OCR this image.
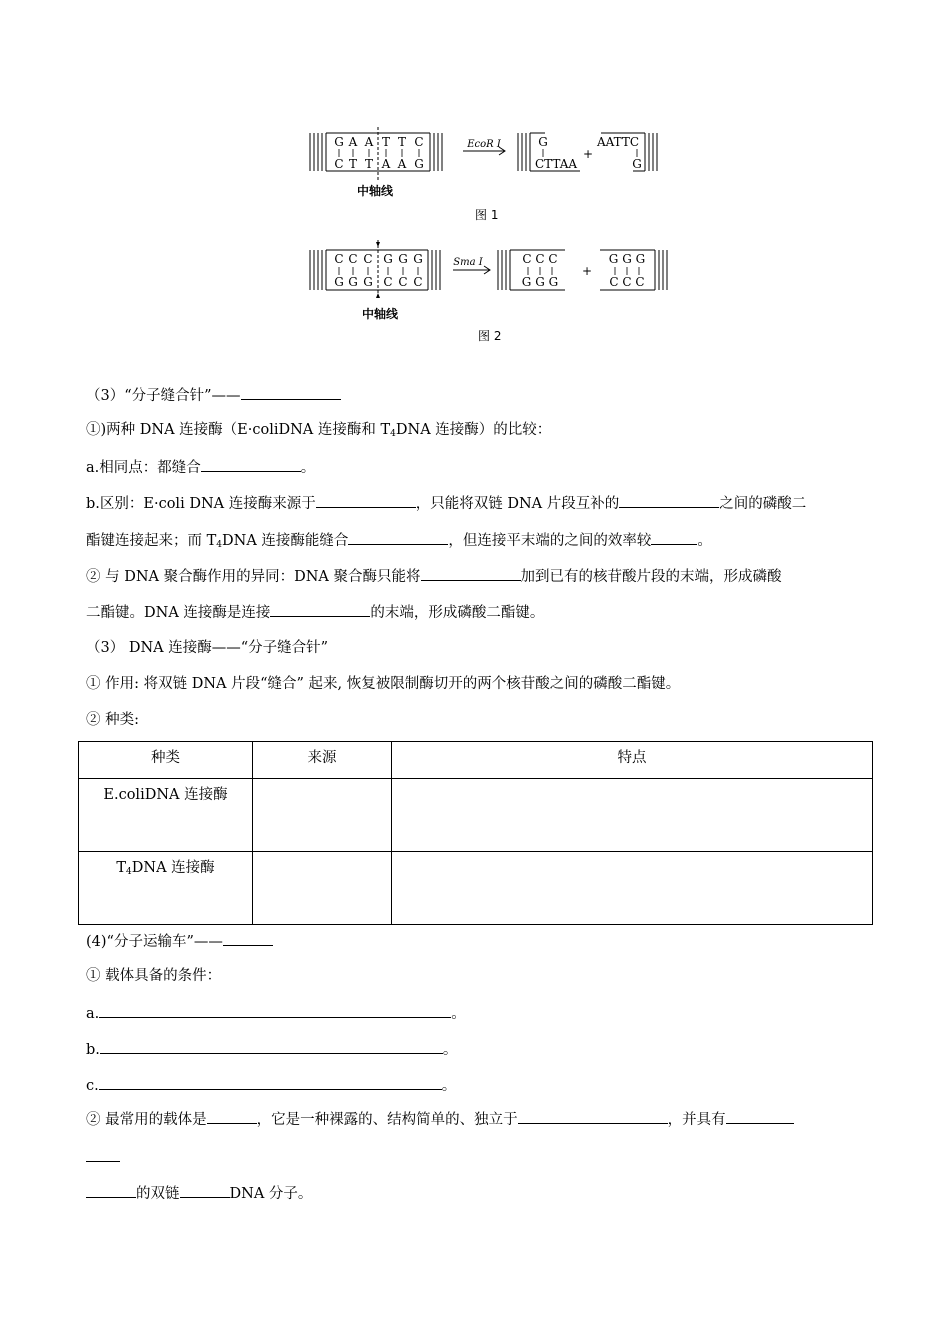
G A A T T C
C T T A A G
EcoR Ⅰ	G
CTTAA
+
AATTC
G
中轴线
图 1
C C C G G G
G G G C C C
Sma Ⅰ	C C C
G G G
+
G G G
C C C
中轴线
图 2
（3）“分子缝合针”——
①)两种 DNA 连接酶（E·coliDNA 连接酶和 $T_4DNA$ 连接酶）的比较：
a.相同点：都缝合	。
b.区别：E·coli DNA 连接酶来源于	，只能将双链 DNA 片段互补的	之间的磷酸二
酯键连接起来；而 $T_4DNA$ 连接酶能缝合	，但连接平末端的之间的效率较	。
② 与 DNA 聚合酶作用的异同：DNA 聚合酶只能将	加到已有的核苷酸片段的末端，形成磷酸
二酯键。DNA 连接酶是连接	的末端，形成磷酸二酯键。
（3） DNA 连接酶——“分子缝合针”
① 作用: 将双链 DNA 片段“缝合” 起来, 恢复被限制酶切开的两个核苷酸之间的磷酸二酯键。
② 种类:
种类	来源	特点
E.coliDNA 连接酶		
$T_4DNA$ 连接酶		
(4)“分子运输车”——
① 载体具备的条件：
a.	。
b.	。
c.	。
② 最常用的载体是	，它是一种裸露的、结构简单的、独立于	，并具有
的双链	DNA 分子。
